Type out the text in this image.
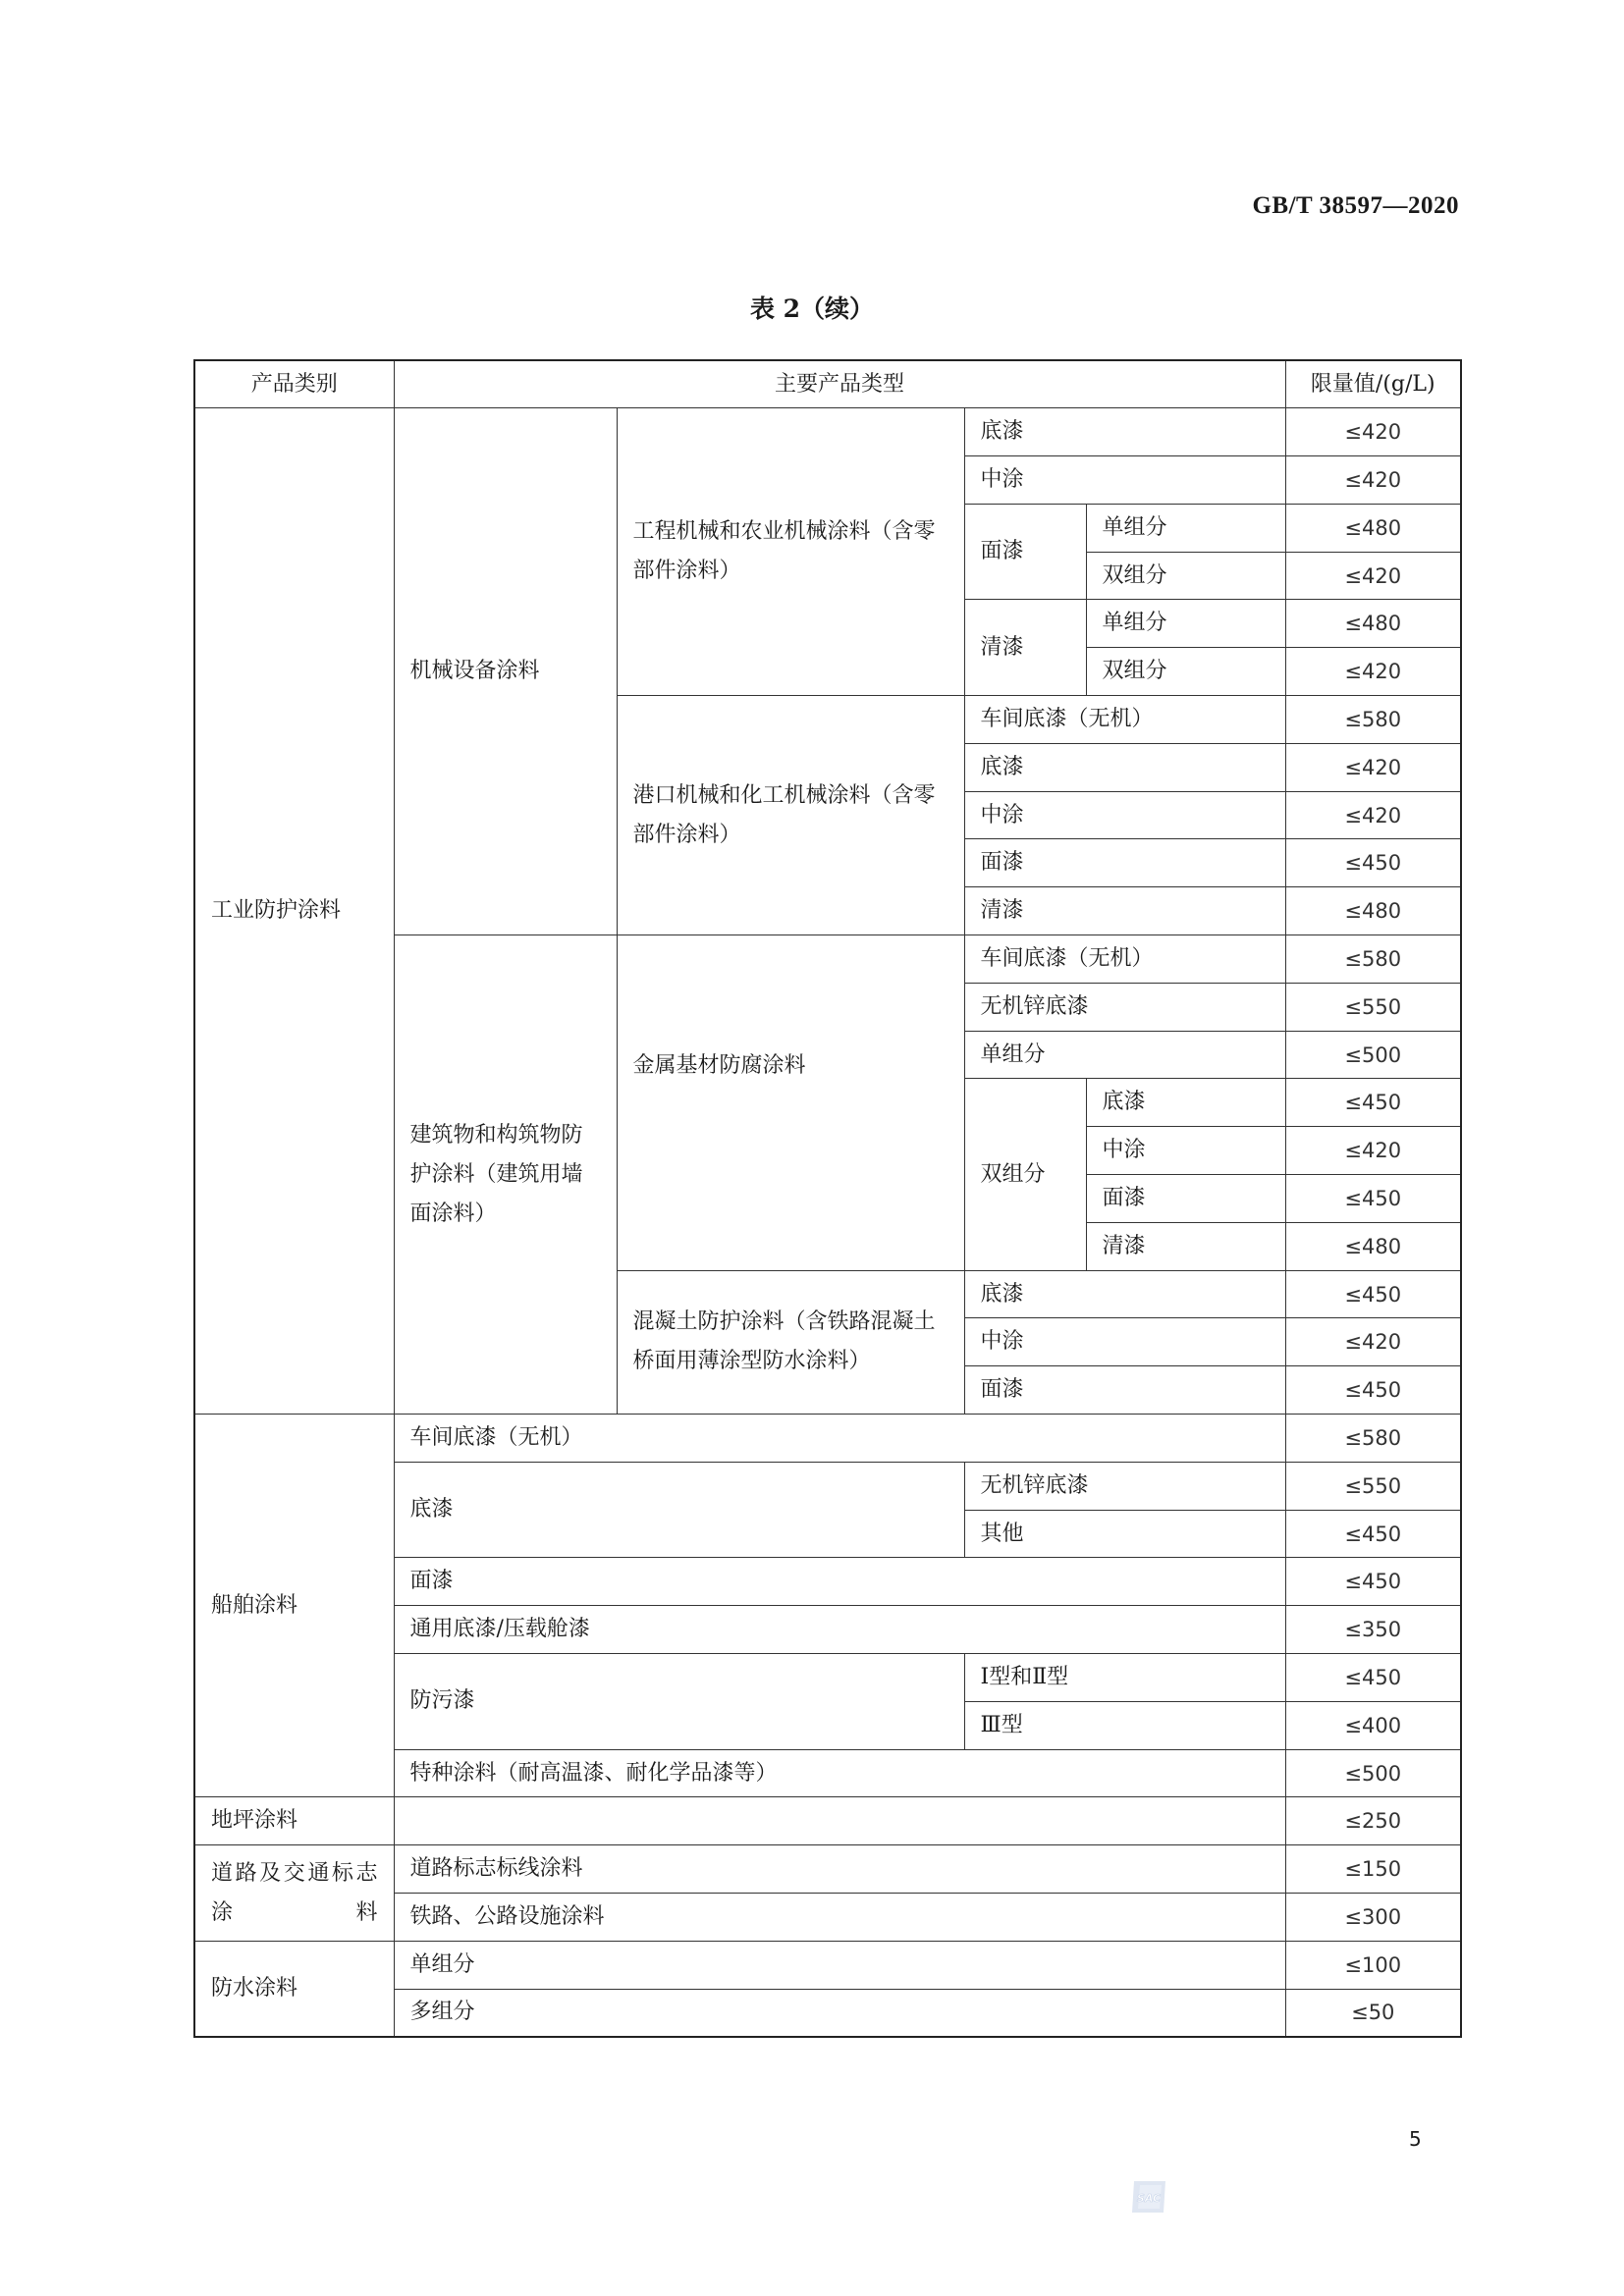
GB/T 38597—2020
表 2（续）
产品类别	主要产品类型				限量值/(g/L)
工业防护涂料	机械设备涂料	工程机械和农业机械涂料（含零部件涂料）	底漆		≤420
			中涂		≤420
			面漆	单组分	≤480
				双组分	≤420
			清漆	单组分	≤480
				双组分	≤420
		港口机械和化工机械涂料（含零部件涂料）	车间底漆（无机）		≤580
			底漆		≤420
			中涂		≤420
			面漆		≤450
			清漆		≤480
	建筑物和构筑物防护涂料（建筑用墙面涂料）	金属基材防腐涂料	车间底漆（无机）		≤580
			无机锌底漆		≤550
			单组分		≤500
			双组分	底漆	≤450
				中涂	≤420
				面漆	≤450
				清漆	≤480
		混凝土防护涂料（含铁路混凝土桥面用薄涂型防水涂料）	底漆		≤450
			中涂		≤420
			面漆		≤450
船舶涂料	车间底漆（无机）				≤580
	底漆		无机锌底漆		≤550
			其他		≤450
	面漆				≤450
	通用底漆/压载舱漆				≤350
	防污漆		Ⅰ型和Ⅱ型		≤450
			Ⅲ型		≤400
	特种涂料（耐高温漆、耐化学品漆等）				≤500
地坪涂料					≤250
道路及交通标志涂料	道路标志标线涂料				≤150
	铁路、公路设施涂料				≤300
防水涂料	单组分				≤100
	多组分				≤50
5
SAC
